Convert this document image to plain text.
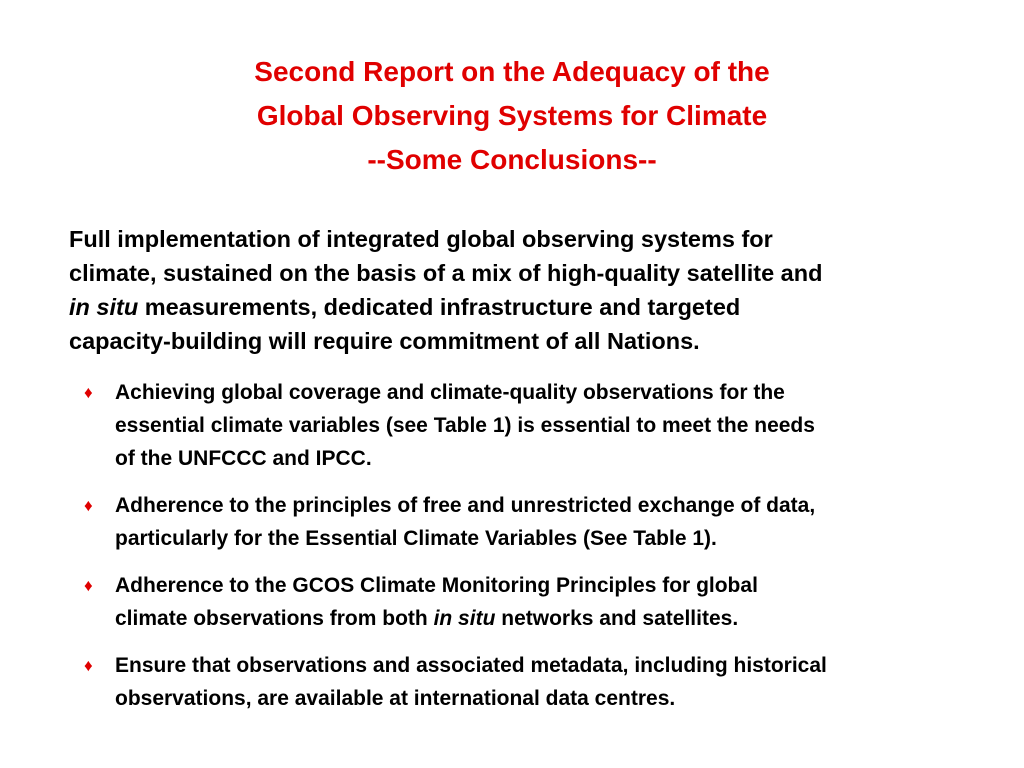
Second Report on the Adequacy of the
Global Observing Systems for Climate
--Some Conclusions--
Full implementation of integrated global observing systems for
climate, sustained on the basis of a mix of high-quality satellite and
in situ measurements, dedicated infrastructure and targeted
capacity-building will require commitment of all Nations.
♦ Achieving global coverage and climate-quality observations for the
essential climate variables (see Table 1) is essential to meet the needs
of the UNFCCC and IPCC.
♦ Adherence to the principles of free and unrestricted exchange of data,
particularly for the Essential Climate Variables (See Table 1).
♦ Adherence to the GCOS Climate Monitoring Principles for global
climate observations from both in situ networks and satellites.
♦ Ensure that observations and associated metadata, including historical
observations, are available at international data centres.
